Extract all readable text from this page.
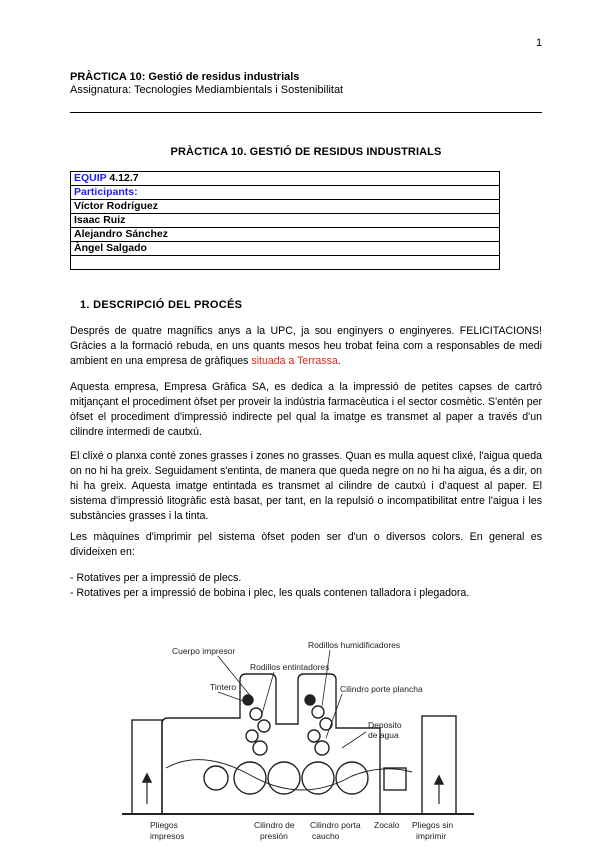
1
PRÀCTICA 10: Gestió de residus industrials
Assignatura: Tecnologies Mediambientals i Sostenibilitat
PRÀCTICA 10. GESTIÓ DE RESIDUS INDUSTRIALS
EQUIP 4.12.7
Participants:
Víctor Rodríguez
Isaac Ruiz
Alejandro Sánchez
Àngel Salgado

1. DESCRIPCIÓ DEL PROCÉS
Després de quatre magnífics anys a la UPC, ja sou enginyers o enginyeres. FELICITACIONS! Gràcies a la formació rebuda, en uns quants mesos heu trobat feina com a responsables de medi ambient en una empresa de gràfiques situada a Terrassa.
Aquesta empresa, Empresa Gràfica SA, es dedica a la impressió de petites capses de cartró mitjançant el procediment òfset per proveir la indústria farmacèutica i el sector cosmètic. S'entén per òfset el procediment d'impressió indirecte pel qual la imatge es transmet al paper a través d'un cilindre intermedi de cautxú.
El clixé o planxa conté zones grasses i zones no grasses. Quan es mulla aquest clixé, l'aigua queda on no hi ha greix. Seguidament s'entinta, de manera que queda negre on no hi ha aigua, és a dir, on hi ha greix. Aquesta imatge entintada es transmet al cilindre de cautxú i d'aquest al paper. El sistema d'impressió litogràfic està basat, per tant, en la repulsió o incompatibilitat entre l'aigua i les substàncies grasses i la tinta.
Les màquines d'imprimir pel sistema òfset poden ser d'un o diversos colors. En general es divideixen en:
- Rotatives per a impressió de plecs.
- Rotatives per a impressió de bobina i plec, les quals contenen talladora i plegadora.
Cuerpo impresor
Rodillos humidificadores
Rodillos entintadores
Tintero	Cilindro porte plancha
Deposito
de agua
Pliegos
impresos
Cilindro de
presión
Cilindro porta
caucho
Zocalo Pliegos sin
imprimir
